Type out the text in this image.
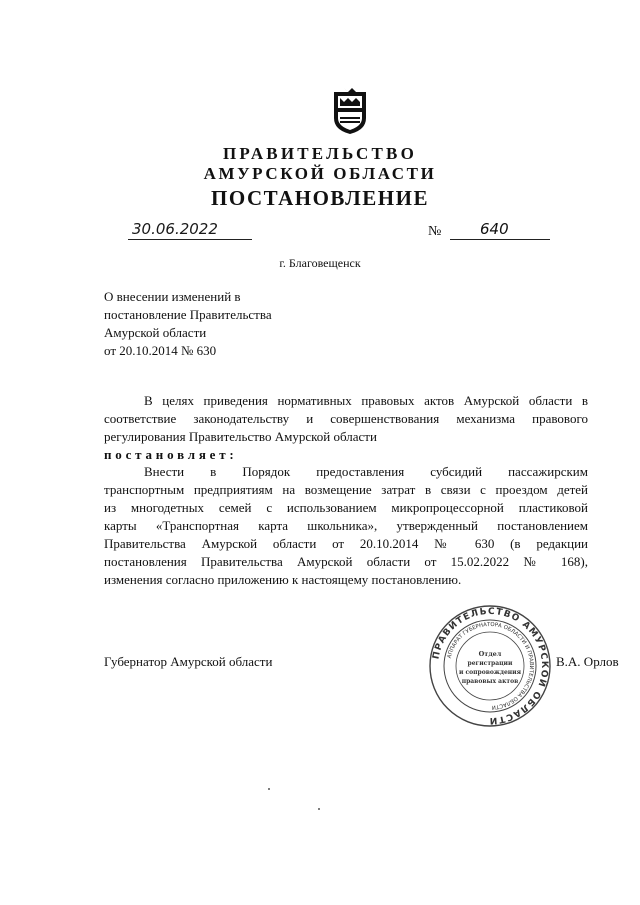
ПРАВИТЕЛЬСТВО
АМУРСКОЙ ОБЛАСТИ
ПОСТАНОВЛЕНИЕ
30.06.2022	№	640
г. Благовещенск
О внесении изменений в
постановление Правительства
Амурской области
от 20.10.2014 № 630
В целях приведения нормативных правовых актов Амурской области в
соответствие законодательству и совершенствования механизма правового
регулирования Правительство Амурской области
постановляет:
Внести в Порядок предоставления субсидий пассажирским
транспортным предприятиям на возмещение затрат в связи с проездом детей
из многодетных семей с использованием микропроцессорной пластиковой
карты «Транспортная карта школьника», утвержденный постановлением
Правительства Амурской области от 20.10.2014 № 630 (в редакции
постановления Правительства Амурской области от 15.02.2022 № 168),
изменения согласно приложению к настоящему постановлению.
Губернатор Амурской области	В.А. Орлов
ПРАВИТЕЛЬСТВО АМУРСКОЙ ОБЛАСТИ
АППАРАТ ГУБЕРНАТОРА ОБЛАСТИ И ПРАВИТЕЛЬСТВА ОБЛАСТИ
Отдел
регистрации
и сопровождения
правовых актов
